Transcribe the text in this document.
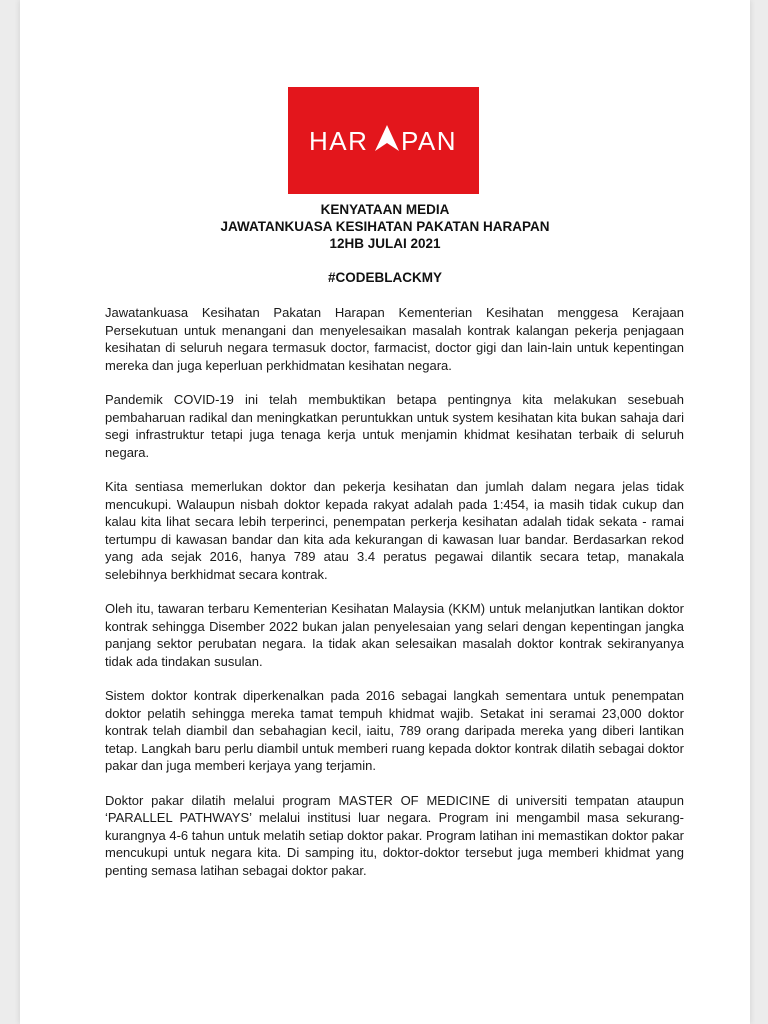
HAR PAN
KENYATAAN MEDIA
JAWATANKUASA KESIHATAN PAKATAN HARAPAN
12HB JULAI 2021
#CODEBLACKMY

Jawatankuasa Kesihatan Pakatan Harapan Kementerian Kesihatan menggesa Kerajaan Persekutuan untuk menangani dan menyelesaikan masalah kontrak kalangan pekerja penjagaan kesihatan di seluruh negara termasuk doctor, farmacist, doctor gigi dan lain-lain untuk kepentingan mereka dan juga keperluan perkhidmatan kesihatan negara.

Pandemik COVID-19 ini telah membuktikan betapa pentingnya kita melakukan sesebuah pembaharuan radikal dan meningkatkan peruntukkan untuk system kesihatan kita bukan sahaja dari segi infrastruktur tetapi juga tenaga kerja untuk menjamin khidmat kesihatan terbaik di seluruh negara.

Kita sentiasa memerlukan doktor dan pekerja kesihatan dan jumlah dalam negara jelas tidak mencukupi. Walaupun nisbah doktor kepada rakyat adalah pada 1:454, ia masih tidak cukup dan kalau kita lihat secara lebih terperinci, penempatan perkerja kesihatan adalah tidak sekata - ramai tertumpu di kawasan bandar dan kita ada kekurangan di kawasan luar bandar. Berdasarkan rekod yang ada sejak 2016, hanya 789 atau 3.4 peratus pegawai dilantik secara tetap, manakala selebihnya berkhidmat secara kontrak.

Oleh itu, tawaran terbaru Kementerian Kesihatan Malaysia (KKM) untuk melanjutkan lantikan doktor kontrak sehingga Disember 2022 bukan jalan penyelesaian yang selari dengan kepentingan jangka panjang sektor perubatan negara. Ia tidak akan selesaikan masalah doktor kontrak sekiranyanya tidak ada tindakan susulan.

Sistem doktor kontrak diperkenalkan pada 2016 sebagai langkah sementara untuk penempatan doktor pelatih sehingga mereka tamat tempuh khidmat wajib. Setakat ini seramai 23,000 doktor kontrak telah diambil dan sebahagian kecil, iaitu, 789 orang daripada mereka yang diberi lantikan tetap. Langkah baru perlu diambil untuk memberi ruang kepada doktor kontrak dilatih sebagai doktor pakar dan juga memberi kerjaya yang terjamin.

Doktor pakar dilatih melalui program MASTER OF MEDICINE di universiti tempatan ataupun ‘PARALLEL PATHWAYS’ melalui institusi luar negara. Program ini mengambil masa sekurang-kurangnya 4-6 tahun untuk melatih setiap doktor pakar. Program latihan ini memastikan doktor pakar mencukupi untuk negara kita. Di samping itu, doktor-doktor tersebut juga memberi khidmat yang penting semasa latihan sebagai doktor pakar.
